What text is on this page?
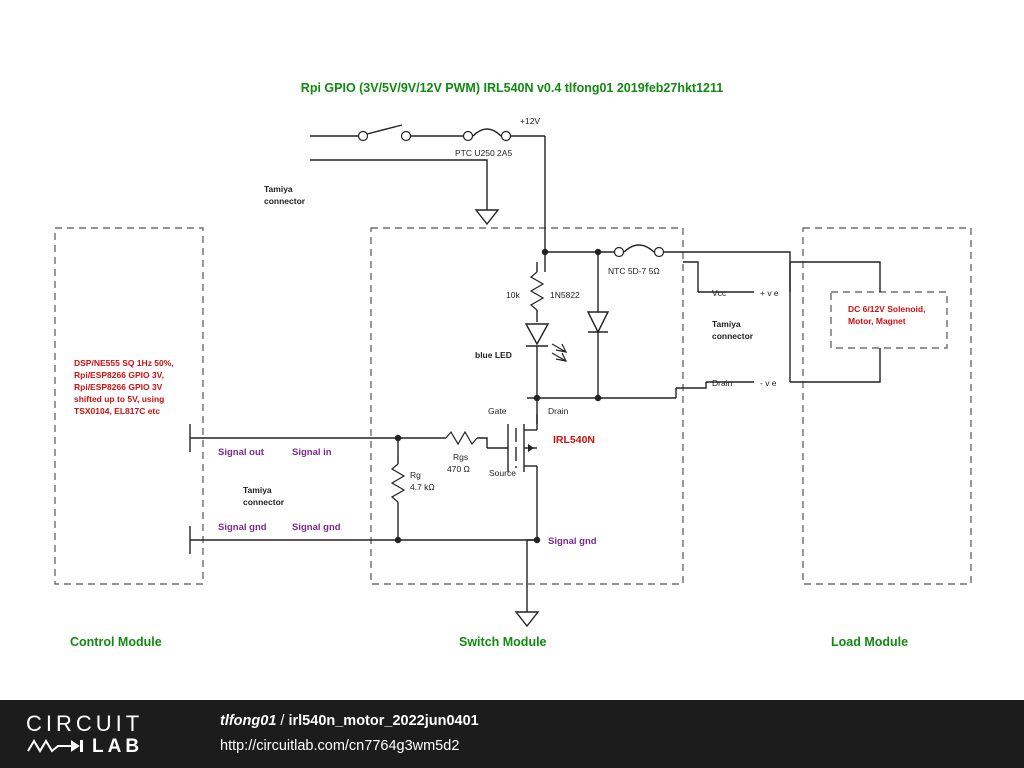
Rpi GPIO (3V/5V/9V/12V PWM) IRL540N v0.4 tlfong01 2019feb27hkt1211
PTC U250 2A5
+12V
Tamiya
connector
NTC 5D-7 5Ω
10k
blue LED
1N5822	Vcc	+ v e
Drain	- v e
Tamiya
connector
DC 6/12V Solenoid,
Motor, Magnet
Gate	Drain
Source
IRL540N
Rgs
470 Ω
Rg
4.7 kΩ
Signal out	Signal in
Signal gnd	Signal gnd
Signal gnd
Tamiya
connector
DSP/NE555 SQ 1Hz 50%,
Rpi/ESP8266 GPIO 3V,
Rpi/ESP8266 GPIO 3V
shifted up to 5V, using
TSX0104, EL817C etc
Control Module	Switch Module	Load Module
CIRCUIT
LAB
tlfong01 / irl540n_motor_2022jun0401
http://circuitlab.com/cn7764g3wm5d2
